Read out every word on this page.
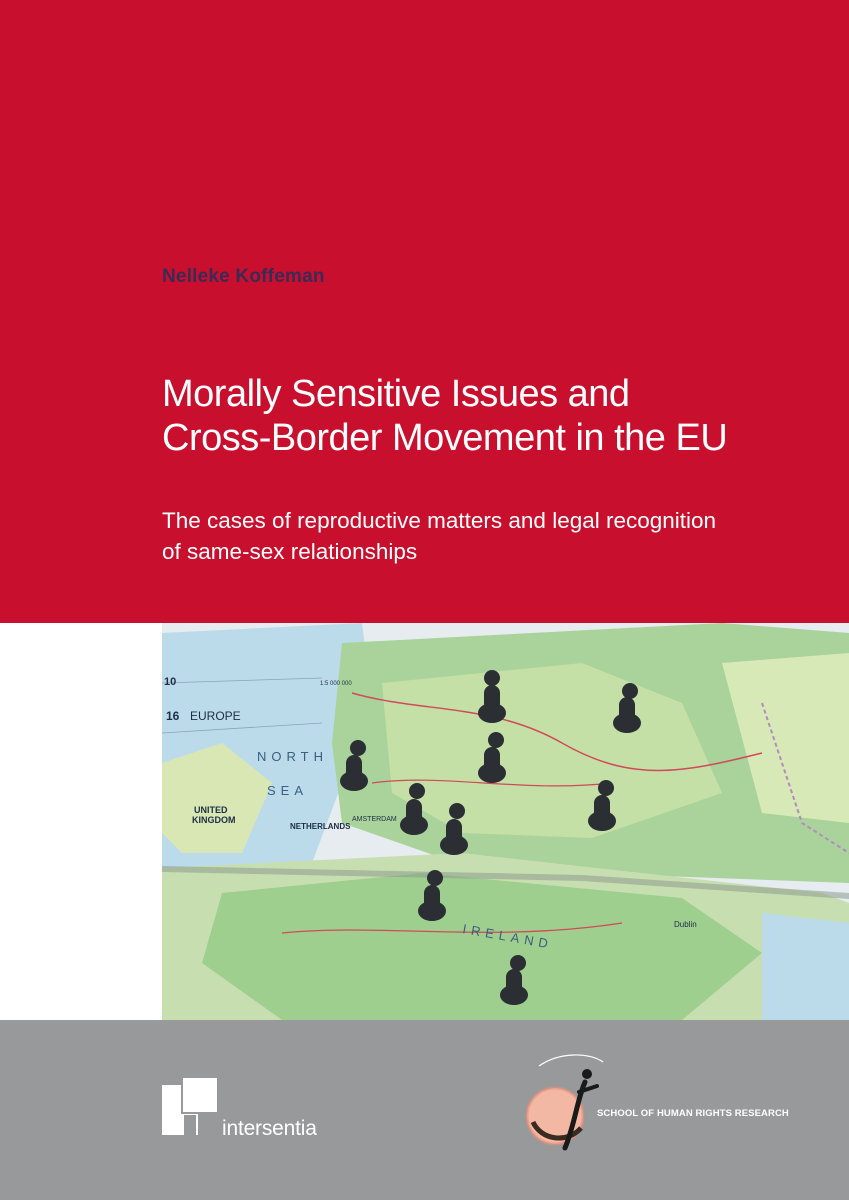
Nelleke Koffeman
Morally Sensitive Issues and
Cross-Border Movement in the EU
The cases of reproductive matters and legal recognition
of same-sex relationships
10
16 EUROPE
1:5 000 000
NORTH
SEA
UNITED
KINGDOM
NETHERLANDS
AMSTERDAM
IRELAND	Dublin
intersentia
SCHOOL OF HUMAN RIGHTS RESEARCH
